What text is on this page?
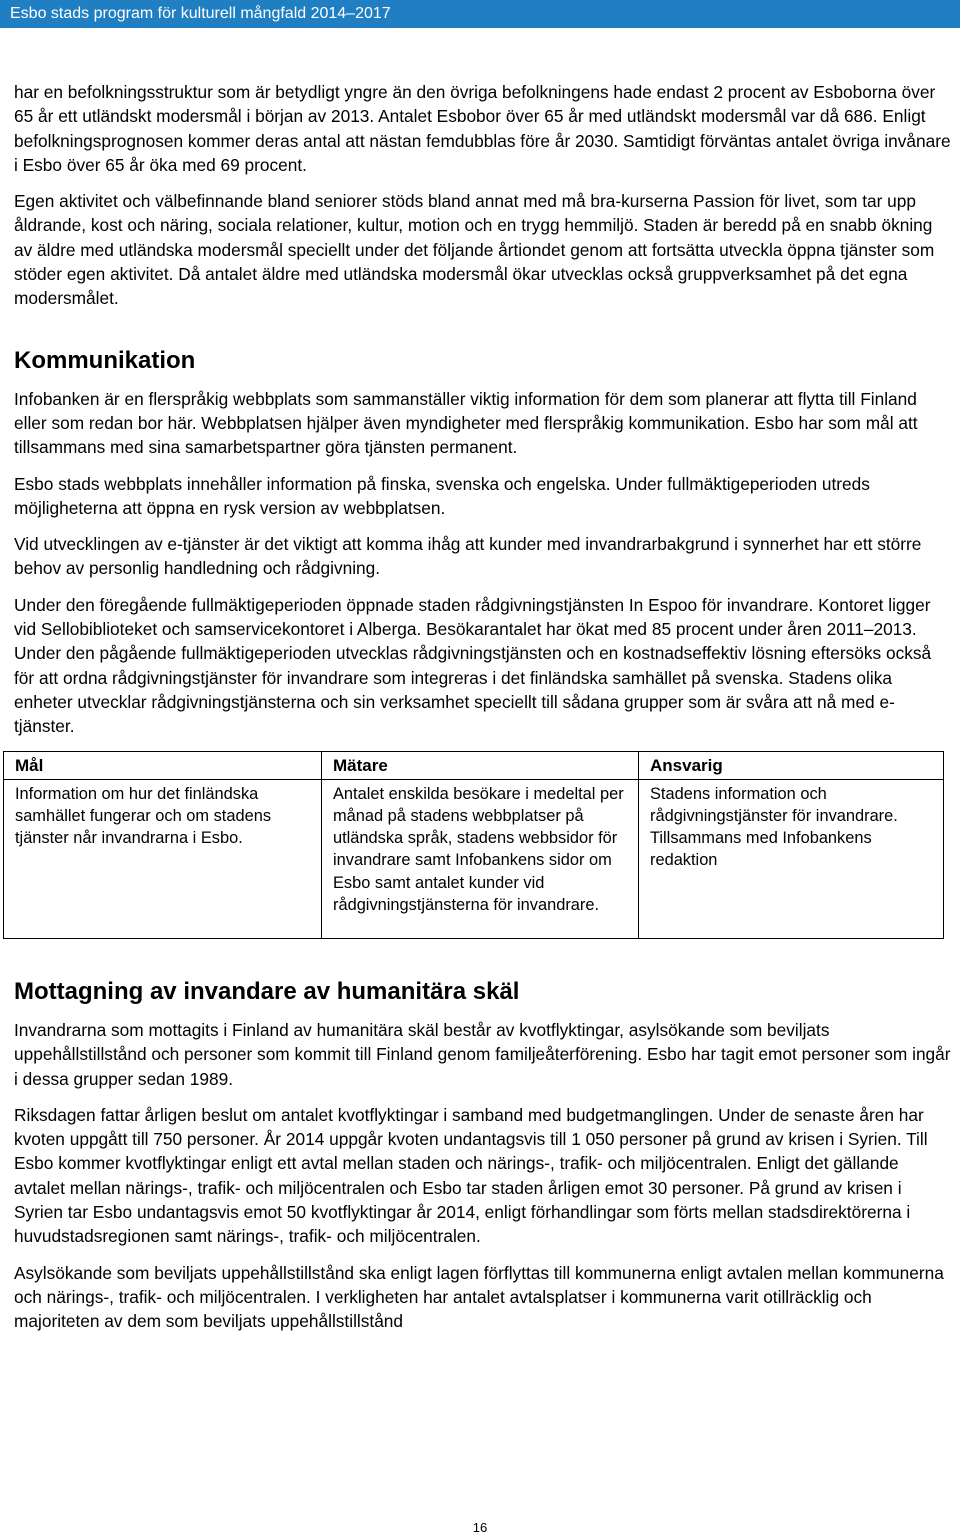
Esbo stads program för kulturell mångfald 2014–2017

har en befolkningsstruktur som är betydligt yngre än den övriga befolkningens hade endast 2 procent av Esboborna över 65 år ett utländskt modersmål i början av 2013. Antalet Esbobor över 65 år med utländskt modersmål var då 686. Enligt befolkningsprognosen kommer deras antal att nästan femdubblas före år 2030. Samtidigt förväntas antalet övriga invånare i Esbo över 65 år öka med 69 procent.

Egen aktivitet och välbefinnande bland seniorer stöds bland annat med må bra-kurserna Passion för livet, som tar upp åldrande, kost och näring, sociala relationer, kultur, motion och en trygg hemmiljö. Staden är beredd på en snabb ökning av äldre med utländska modersmål speciellt under det följande årtiondet genom att fortsätta utveckla öppna tjänster som stöder egen aktivitet. Då antalet äldre med utländska modersmål ökar utvecklas också gruppverksamhet på det egna modersmålet.

Kommunikation

Infobanken är en flerspråkig webbplats som sammanställer viktig information för dem som planerar att flytta till Finland eller som redan bor här. Webbplatsen hjälper även myndigheter med flerspråkig kommunikation. Esbo har som mål att tillsammans med sina samarbetspartner göra tjänsten permanent.

Esbo stads webbplats innehåller information på finska, svenska och engelska. Under fullmäktigeperioden utreds möjligheterna att öppna en rysk version av webbplatsen.

Vid utvecklingen av e-tjänster är det viktigt att komma ihåg att kunder med invandrarbakgrund i synnerhet har ett större behov av personlig handledning och rådgivning.

Under den föregående fullmäktigeperioden öppnade staden rådgivningstjänsten In Espoo för invandrare. Kontoret ligger vid Sellobiblioteket och samservicekontoret i Alberga. Besökarantalet har ökat med 85 procent under åren 2011–2013. Under den pågående fullmäktigeperioden utvecklas rådgivningstjänsten och en kostnadseffektiv lösning eftersöks också för att ordna rådgivningstjänster för invandrare som integreras i det finländska samhället på svenska. Stadens olika enheter utvecklar rådgivningstjänsterna och sin verksamhet speciellt till sådana grupper som är svåra att nå med e-tjänster.

Mål	Mätare	Ansvarig
Information om hur det finländska samhället fungerar och om stadens tjänster når invandrarna i Esbo.	Antalet enskilda besökare i medeltal per månad på stadens webbplatser på utländska språk, stadens webbsidor för invandrare samt Infobankens sidor om Esbo samt antalet kunder vid rådgivningstjänsterna för invandrare.	Stadens information och rådgivningstjänster för invandrare. Tillsammans med Infobankens redaktion
Mottagning av invandare av humanitära skäl

Invandrarna som mottagits i Finland av humanitära skäl består av kvotflyktingar, asylsökande som beviljats uppehållstillstånd och personer som kommit till Finland genom familjeåterförening. Esbo har tagit emot personer som ingår i dessa grupper sedan 1989.

Riksdagen fattar årligen beslut om antalet kvotflyktingar i samband med budgetmanglingen. Under de senaste åren har kvoten uppgått till 750 personer. År 2014 uppgår kvoten undantagsvis till 1 050 personer på grund av krisen i Syrien. Till Esbo kommer kvotflyktingar enligt ett avtal mellan staden och närings-, trafik- och miljöcentralen. Enligt det gällande avtalet mellan närings-, trafik- och miljöcentralen och Esbo tar staden årligen emot 30 personer. På grund av krisen i Syrien tar Esbo undantagsvis emot 50 kvotflyktingar år 2014, enligt förhandlingar som förts mellan stadsdirektörerna i huvudstadsregionen samt närings-, trafik- och miljöcentralen.

Asylsökande som beviljats uppehållstillstånd ska enligt lagen förflyttas till kommunerna enligt avtalen mellan kommunerna och närings-, trafik- och miljöcentralen. I verkligheten har antalet avtalsplatser i kommunerna varit otillräcklig och majoriteten av dem som beviljats uppehållstillstånd

16
